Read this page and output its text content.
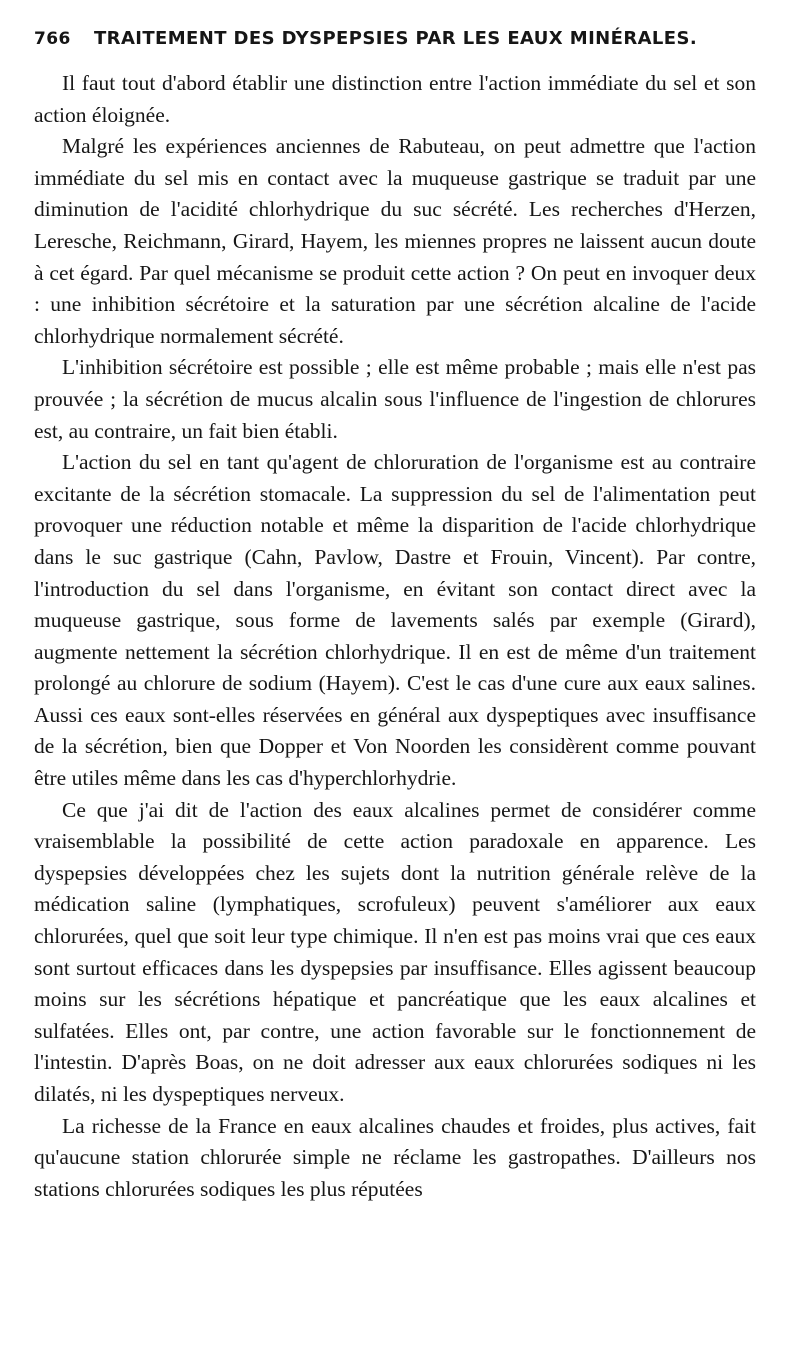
766	TRAITEMENT DES DYSPEPSIES PAR LES EAUX MINÉRALES.

Il faut tout d'abord établir une distinction entre l'action immédiate du sel et son action éloignée.

Malgré les expériences anciennes de Rabuteau, on peut admettre que l'action immédiate du sel mis en contact avec la muqueuse gastrique se traduit par une diminution de l'acidité chlorhydrique du suc sécrété. Les recherches d'Herzen, Leresche, Reichmann, Girard, Hayem, les miennes propres ne laissent aucun doute à cet égard. Par quel mécanisme se produit cette action ? On peut en invoquer deux : une inhibition sécrétoire et la saturation par une sécrétion alcaline de l'acide chlorhydrique normalement sécrété.

L'inhibition sécrétoire est possible ; elle est même probable ; mais elle n'est pas prouvée ; la sécrétion de mucus alcalin sous l'influence de l'ingestion de chlorures est, au contraire, un fait bien établi.

L'action du sel en tant qu'agent de chloruration de l'organisme est au contraire excitante de la sécrétion stomacale. La suppression du sel de l'alimentation peut provoquer une réduction notable et même la disparition de l'acide chlorhydrique dans le suc gastrique (Cahn, Pavlow, Dastre et Frouin, Vincent). Par contre, l'introduction du sel dans l'organisme, en évitant son contact direct avec la muqueuse gastrique, sous forme de lavements salés par exemple (Girard), augmente nettement la sécrétion chlorhydrique. Il en est de même d'un traitement prolongé au chlorure de sodium (Hayem). C'est le cas d'une cure aux eaux salines. Aussi ces eaux sont-elles réservées en général aux dyspeptiques avec insuffisance de la sécrétion, bien que Dopper et Von Noorden les considèrent comme pouvant être utiles même dans les cas d'hyperchlorhydrie.

Ce que j'ai dit de l'action des eaux alcalines permet de considérer comme vraisemblable la possibilité de cette action paradoxale en apparence. Les dyspepsies développées chez les sujets dont la nutrition générale relève de la médication saline (lymphatiques, scrofuleux) peuvent s'améliorer aux eaux chlorurées, quel que soit leur type chimique. Il n'en est pas moins vrai que ces eaux sont surtout efficaces dans les dyspepsies par insuffisance. Elles agissent beaucoup moins sur les sécrétions hépatique et pancréatique que les eaux alcalines et sulfatées. Elles ont, par contre, une action favorable sur le fonctionnement de l'intestin. D'après Boas, on ne doit adresser aux eaux chlorurées sodiques ni les dilatés, ni les dyspeptiques nerveux.

La richesse de la France en eaux alcalines chaudes et froides, plus actives, fait qu'aucune station chlorurée simple ne réclame les gastropathes. D'ailleurs nos stations chlorurées sodiques les plus réputées
